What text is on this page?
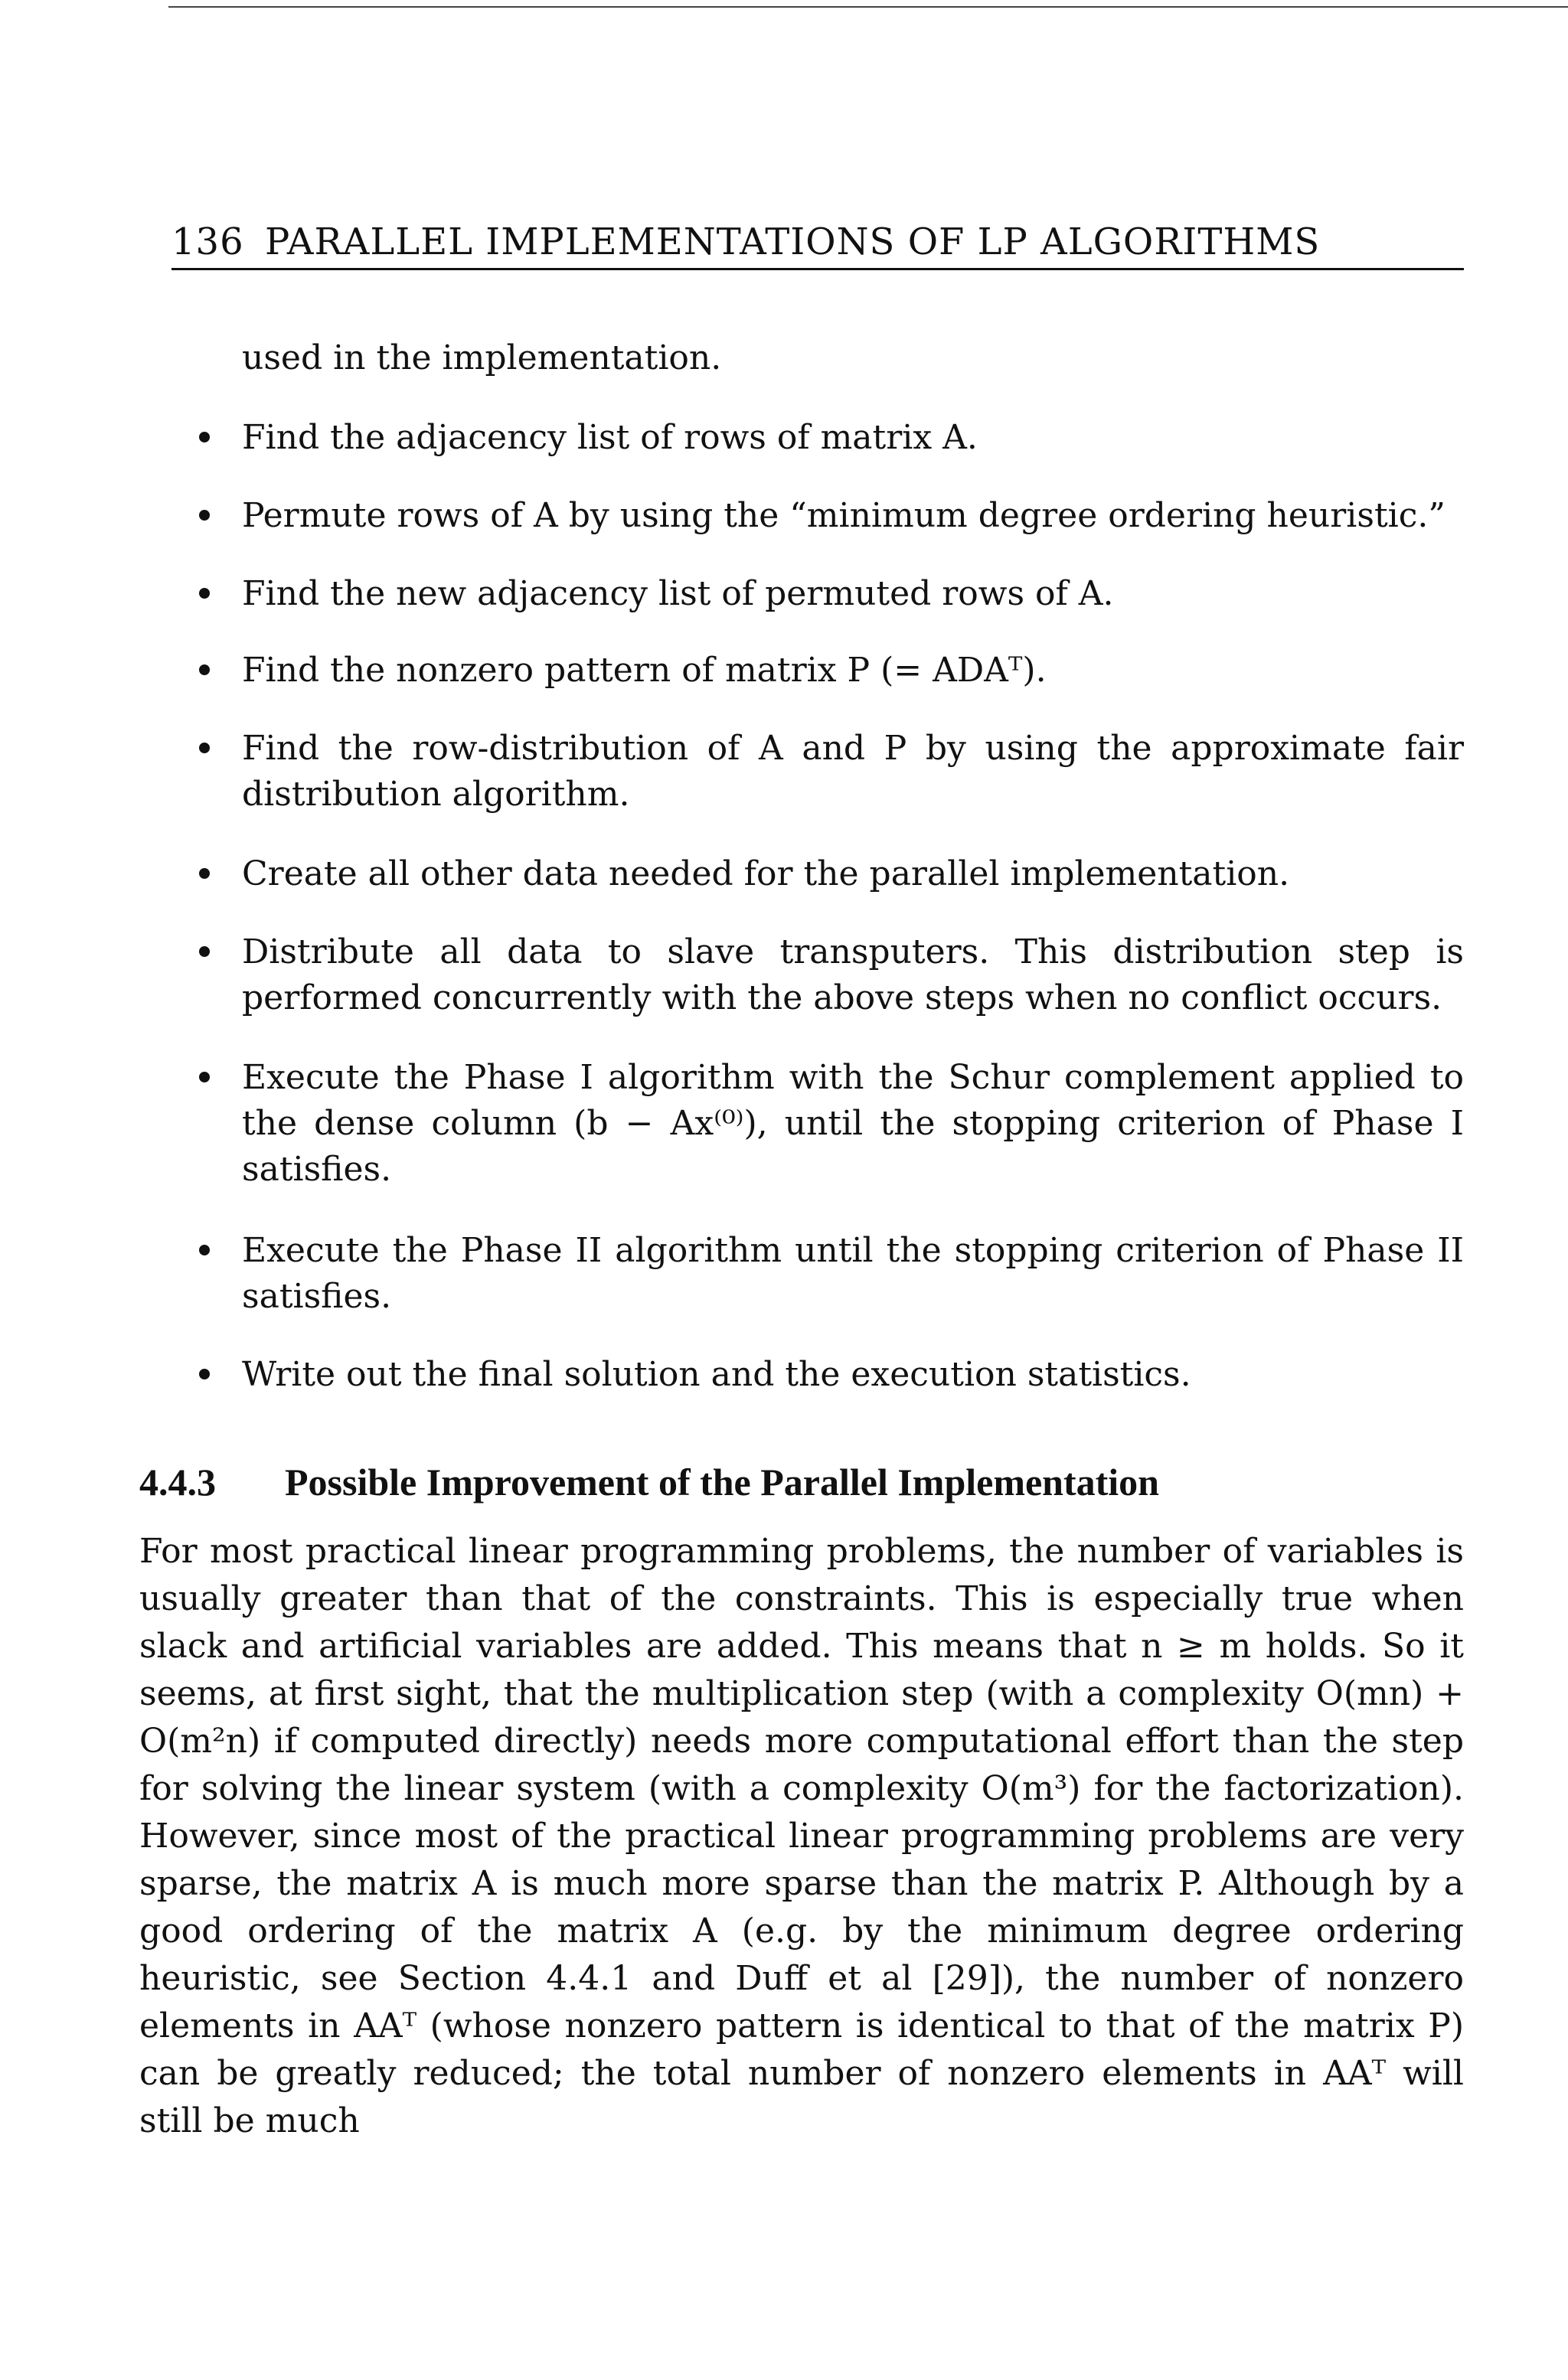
136 PARALLEL IMPLEMENTATIONS OF LP ALGORITHMS
used in the implementation.
Find the adjacency list of rows of matrix A.
Permute rows of A by using the “minimum degree ordering heuristic.”
Find the new adjacency list of permuted rows of A.
Find the nonzero pattern of matrix P (= ADAᵀ).
Find the row-distribution of A and P by using the approximate fair distribution algorithm.
Create all other data needed for the parallel implementation.
Distribute all data to slave transputers. This distribution step is performed concurrently with the above steps when no conflict occurs.
Execute the Phase I algorithm with the Schur complement applied to the dense column (b − Ax⁽⁰⁾), until the stopping criterion of Phase I satisfies.
Execute the Phase II algorithm until the stopping criterion of Phase II satisfies.
Write out the final solution and the execution statistics.
4.4.3 Possible Improvement of the Parallel Implementation
For most practical linear programming problems, the number of variables is usually greater than that of the constraints. This is especially true when slack and artificial variables are added. This means that n ≥ m holds. So it seems, at first sight, that the multiplication step (with a complexity O(mn) + O(m²n) if computed directly) needs more computational effort than the step for solving the linear system (with a complexity O(m³) for the factorization). However, since most of the practical linear programming problems are very sparse, the matrix A is much more sparse than the matrix P. Although by a good ordering of the matrix A (e.g. by the minimum degree ordering heuristic, see Section 4.4.1 and Duff et al [29]), the number of nonzero elements in AAᵀ (whose nonzero pattern is identical to that of the matrix P) can be greatly reduced; the total number of nonzero elements in AAᵀ will still be much
